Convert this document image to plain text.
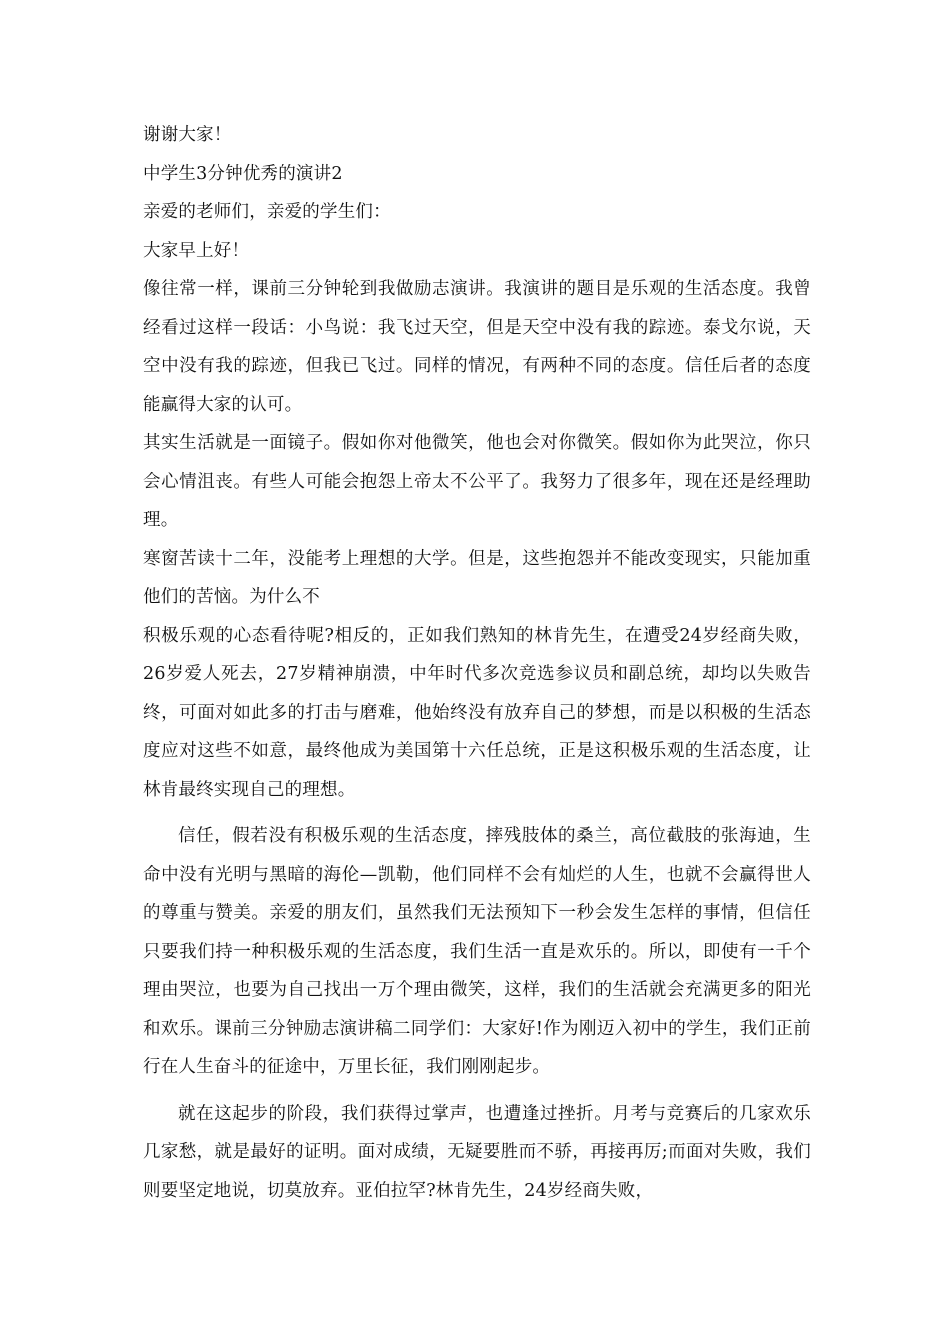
谢谢大家！

中学生3分钟优秀的演讲2

亲爱的老师们，亲爱的学生们：

大家早上好！

像往常一样，课前三分钟轮到我做励志演讲。我演讲的题目是乐观的生活态度。我曾经看过这样一段话：小鸟说：我飞过天空，但是天空中没有我的踪迹。泰戈尔说，天空中没有我的踪迹，但我已飞过。同样的情况，有两种不同的态度。信任后者的态度能赢得大家的认可。

其实生活就是一面镜子。假如你对他微笑，他也会对你微笑。假如你为此哭泣，你只会心情沮丧。有些人可能会抱怨上帝太不公平了。我努力了很多年，现在还是经理助理。

寒窗苦读十二年，没能考上理想的大学。但是，这些抱怨并不能改变现实，只能加重他们的苦恼。为什么不

积极乐观的心态看待呢?相反的，正如我们熟知的林肯先生，在遭受24岁经商失败，26岁爱人死去，27岁精神崩溃，中年时代多次竞选参议员和副总统，却均以失败告终，可面对如此多的打击与磨难，他始终没有放弃自己的梦想，而是以积极的生活态度应对这些不如意，最终他成为美国第十六任总统，正是这积极乐观的生活态度，让林肯最终实现自己的理想。

信任，假若没有积极乐观的生活态度，摔残肢体的桑兰，高位截肢的张海迪，生命中没有光明与黑暗的海伦—凯勒，他们同样不会有灿烂的人生，也就不会赢得世人的尊重与赞美。亲爱的朋友们，虽然我们无法预知下一秒会发生怎样的事情，但信任只要我们持一种积极乐观的生活态度，我们生活一直是欢乐的。所以，即使有一千个理由哭泣，也要为自己找出一万个理由微笑，这样，我们的生活就会充满更多的阳光和欢乐。课前三分钟励志演讲稿二同学们：大家好!作为刚迈入初中的学生，我们正前行在人生奋斗的征途中，万里长征，我们刚刚起步。

就在这起步的阶段，我们获得过掌声，也遭逢过挫折。月考与竞赛后的几家欢乐几家愁，就是最好的证明。面对成绩，无疑要胜而不骄，再接再厉;而面对失败，我们则要坚定地说，切莫放弃。亚伯拉罕?林肯先生，24岁经商失败，
